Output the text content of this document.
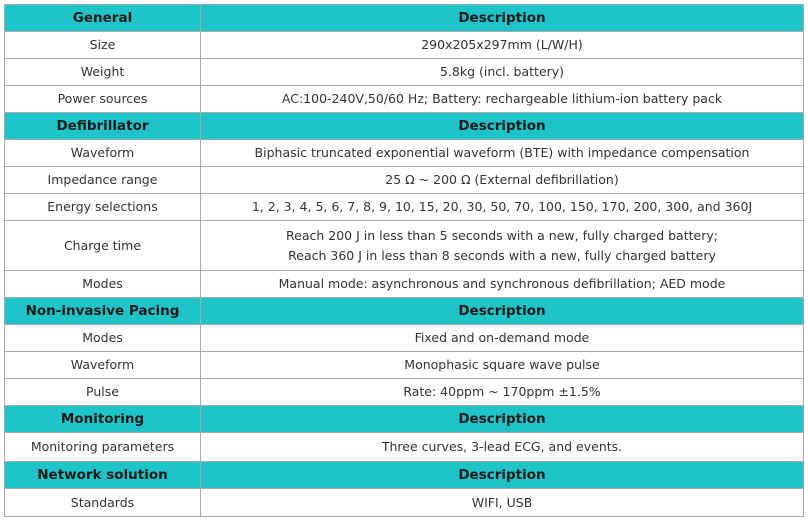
General	Description
Size	290x205x297mm (L/W/H)
Weight	5.8kg (incl. battery)
Power sources	AC:100-240V,50/60 Hz; Battery: rechargeable lithium-ion battery pack
Defibrillator	Description
Waveform	Biphasic truncated exponential waveform (BTE) with impedance compensation
Impedance range	25 Ω ~ 200 Ω (External defibrillation)
Energy selections	1, 2, 3, 4, 5, 6, 7, 8, 9, 10, 15, 20, 30, 50, 70, 100, 150, 170, 200, 300, and 360J
Charge time	Reach 200 J in less than 5 seconds with a new, fully charged battery;
Reach 360 J in less than 8 seconds with a new, fully charged battery

Modes	Manual mode: asynchronous and synchronous defibrillation; AED mode
Non-invasive Pacing	Description
Modes	Fixed and on-demand mode
Waveform	Monophasic square wave pulse
Pulse	Rate: 40ppm ~ 170ppm ±1.5%
Monitoring	Description
Monitoring parameters	Three curves, 3-lead ECG, and events.
Network solution	Description
Standards	WIFI, USB
